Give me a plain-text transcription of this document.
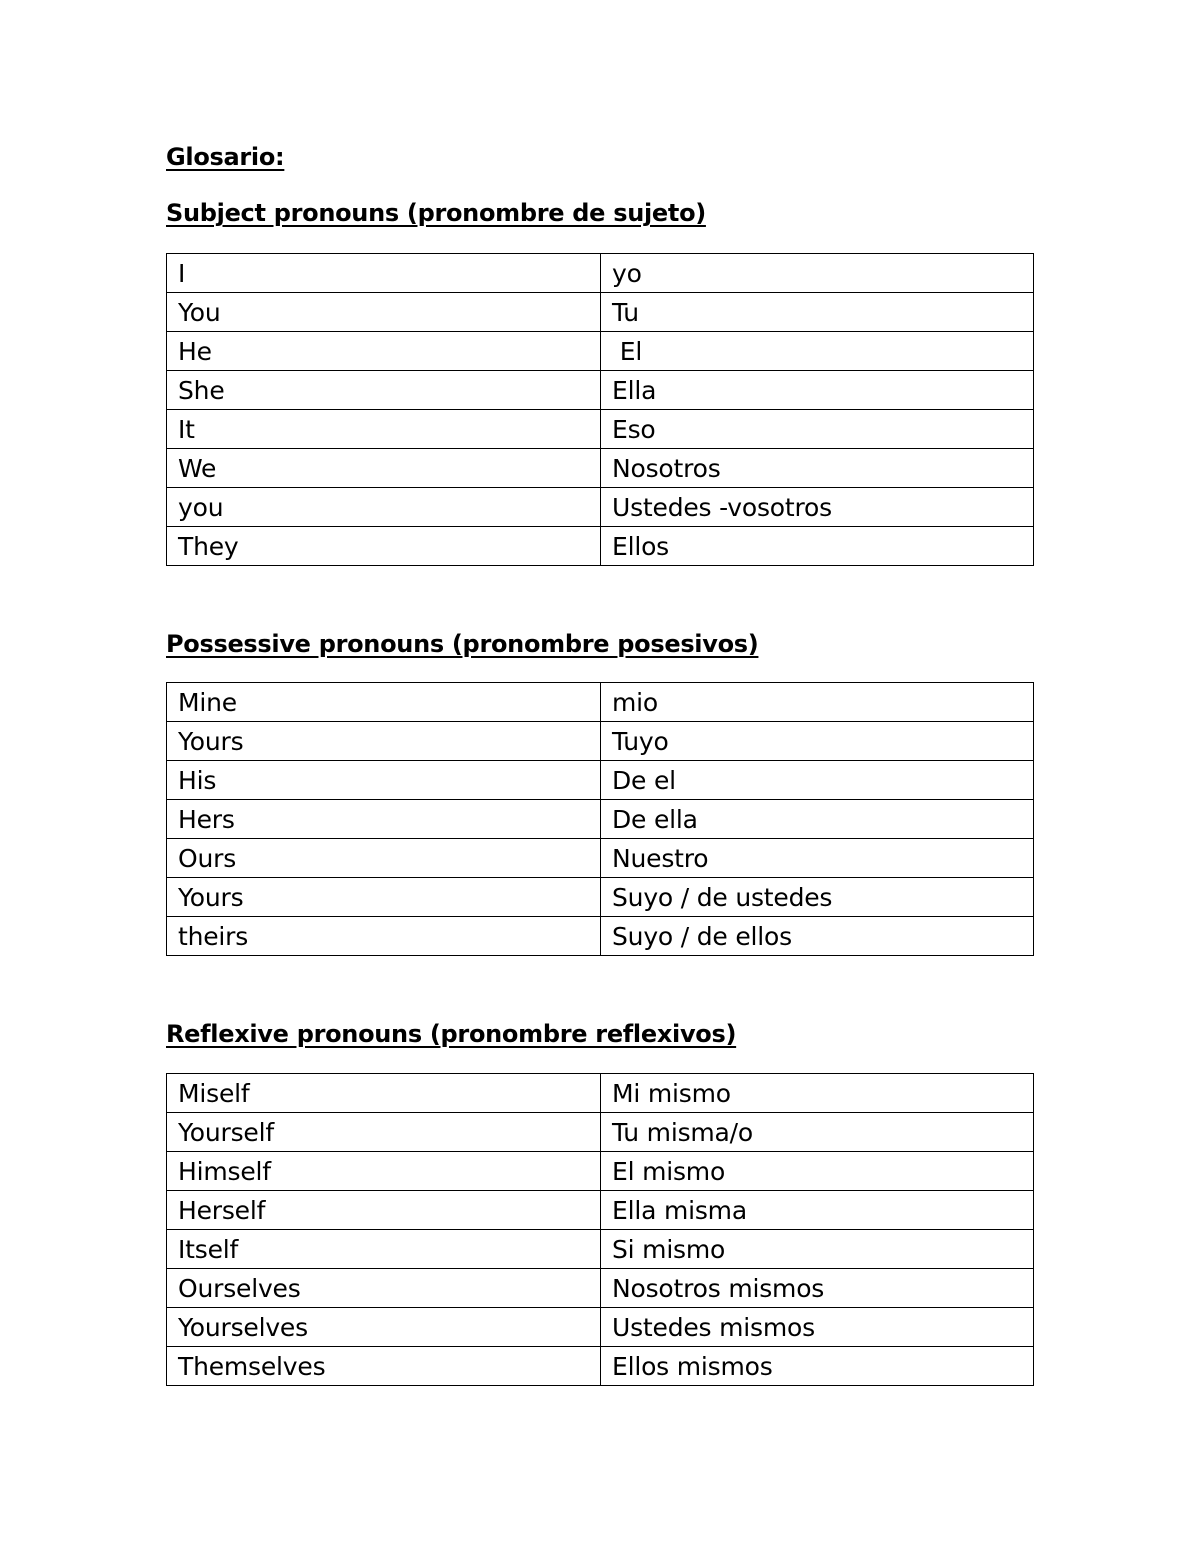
Glosario:
Subject pronouns (pronombre de sujeto)
I	yo
You	Tu
He	El
She	Ella
It	Eso
We	Nosotros
you	Ustedes -vosotros
They	Ellos
Possessive pronouns (pronombre posesivos)
Mine	mio
Yours	Tuyo
His	De el
Hers	De ella
Ours	Nuestro
Yours	Suyo / de ustedes
theirs	Suyo / de ellos
Reflexive pronouns (pronombre reflexivos)
Miself	Mi mismo
Yourself	Tu misma/o
Himself	El mismo
Herself	Ella misma
Itself	Si mismo
Ourselves	Nosotros mismos
Yourselves	Ustedes mismos
Themselves	Ellos mismos
